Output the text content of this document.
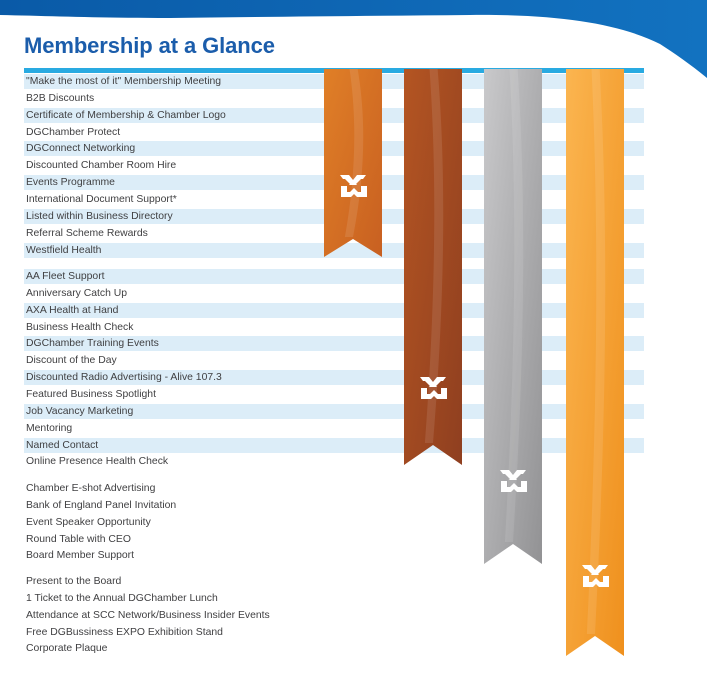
Membership at a Glance
"Make the most of it" Membership Meeting
B2B Discounts
Certificate of Membership & Chamber Logo
DGChamber Protect
DGConnect Networking
Discounted Chamber Room Hire
Events Programme
International Document Support*
Listed within Business Directory
Referral Scheme Rewards
Westfield Health
AA Fleet Support
Anniversary Catch Up
AXA Health at Hand
Business Health Check
DGChamber Training Events
Discount of the Day
Discounted Radio Advertising - Alive 107.3
Featured Business Spotlight
Job Vacancy Marketing
Mentoring
Named Contact
Online Presence Health Check
Chamber E-shot Advertising
Bank of England Panel Invitation
Event Speaker Opportunity
Round Table with CEO
Board Member Support
Present to the Board
1 Ticket to the Annual DGChamber Lunch
Attendance at SCC Network/Business Insider Events
Free DGBussiness EXPO Exhibition Stand
Corporate Plaque
